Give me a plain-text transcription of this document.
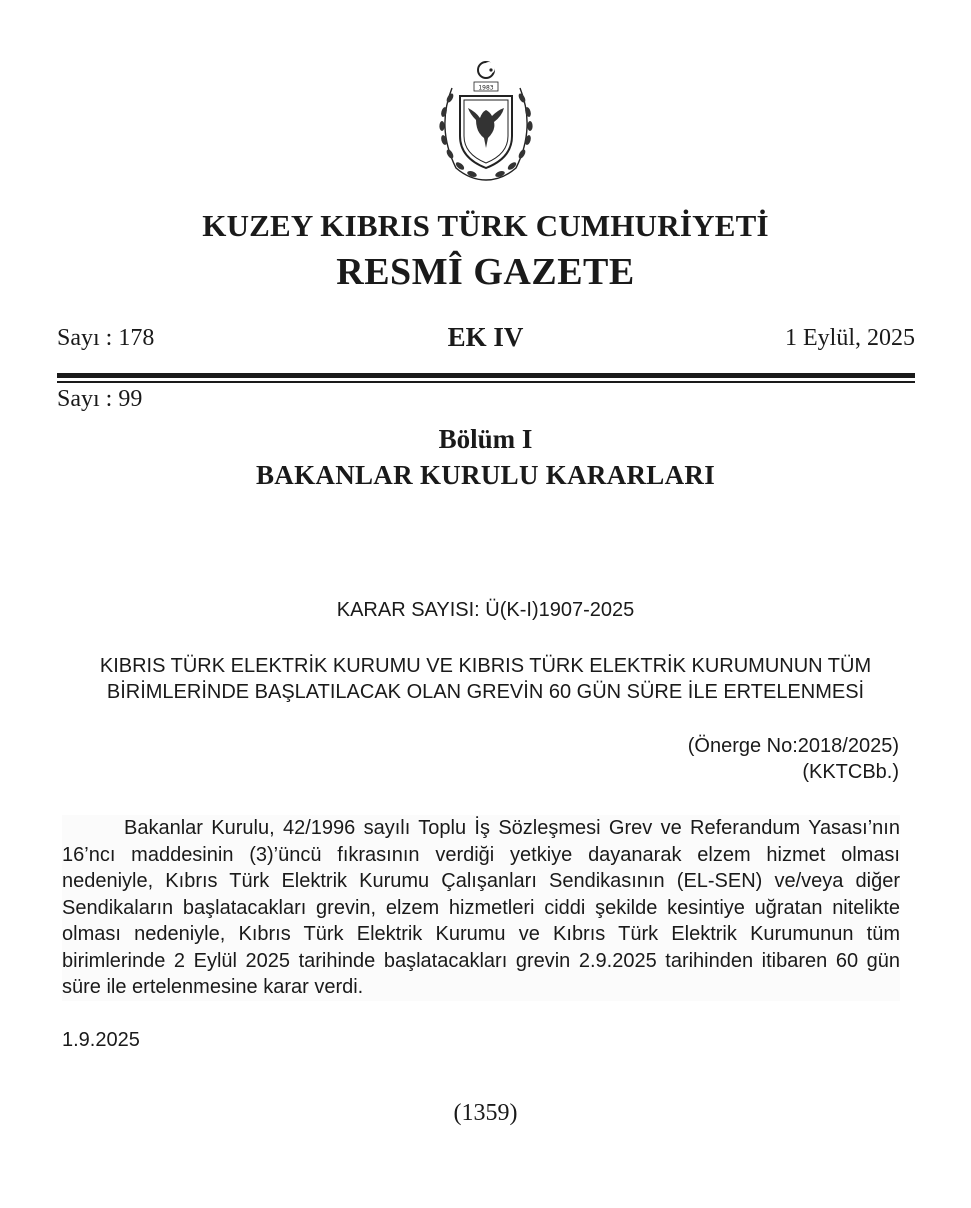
1983
KUZEY KIBRIS TÜRK CUMHURİYETİ
RESMÎ GAZETE
Sayı : 178	EK IV	1 Eylül, 2025
Sayı : 99
Bölüm I
BAKANLAR KURULU KARARLARI
KARAR SAYISI: Ü(K-I)1907-2025
KIBRIS TÜRK ELEKTRİK KURUMU VE KIBRIS TÜRK ELEKTRİK KURUMUNUN TÜM
BİRİMLERİNDE BAŞLATILACAK OLAN GREVİN 60 GÜN SÜRE İLE ERTELENMESİ
(Önerge No:2018/2025)
(KKTCBb.)
Bakanlar Kurulu, 42/1996 sayılı Toplu İş Sözleşmesi Grev ve Referandum Yasası’nın 16’ncı maddesinin (3)’üncü fıkrasının verdiği yetkiye dayanarak elzem hizmet olması nedeniyle, Kıbrıs Türk Elektrik Kurumu Çalışanları Sendikasının (EL-SEN) ve/veya diğer Sendikaların başlatacakları grevin, elzem hizmetleri ciddi şekilde kesintiye uğratan nitelikte olması nedeniyle, Kıbrıs Türk Elektrik Kurumu ve Kıbrıs Türk Elektrik Kurumunun tüm birimlerinde 2 Eylül 2025 tarihinde başlatacakları grevin 2.9.2025 tarihinden itibaren 60 gün süre ile ertelenmesine karar verdi.
1.9.2025
(1359)
